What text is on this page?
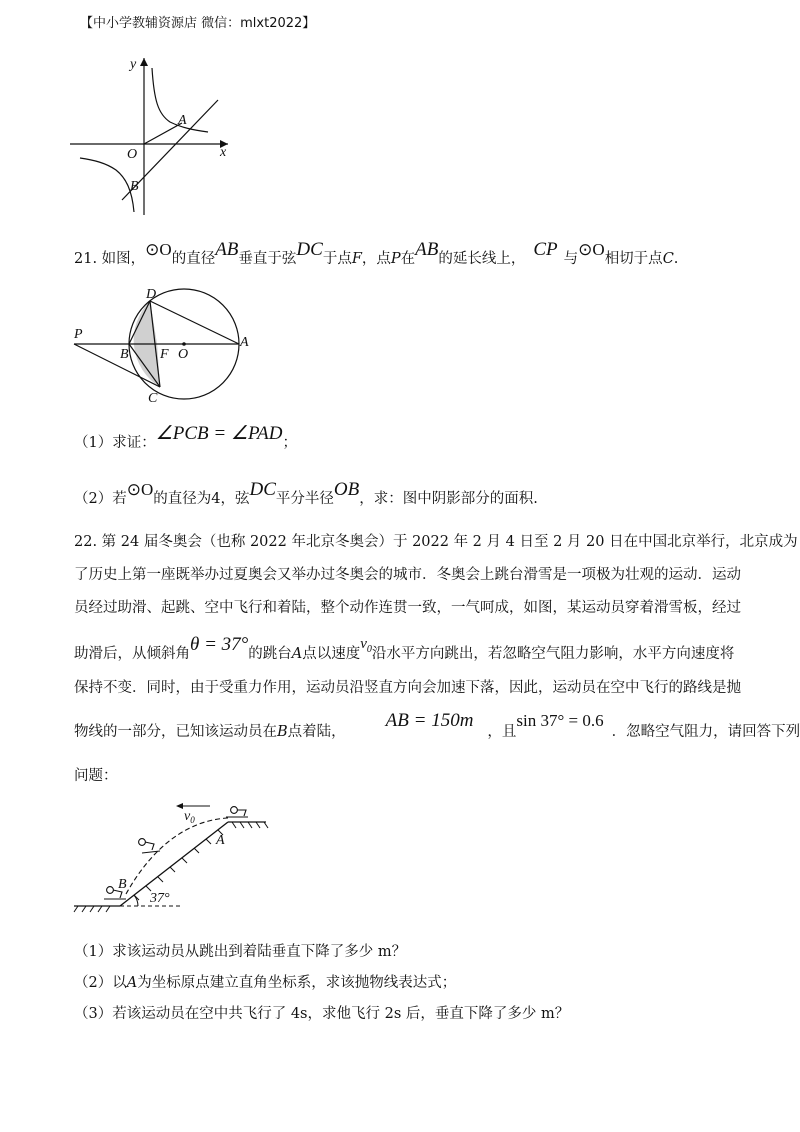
【中小学教辅资源店 微信：mlxt2022】
y
x
O
A
B
21. 如图，⊙O的直径AB垂直于弦DC于点F，点P在AB的延长线上， CP 与⊙O相切于点C.
D
P
B F O
A
C
（1）求证：∠PCB = ∠PAD；
（2）若⊙O的直径为4，弦DC平分半径OB，求：图中阴影部分的面积.
22. 第 24 届冬奥会（也称 2022 年北京冬奥会）于 2022 年 2 月 4 日至 2 月 20 日在中国北京举行，北京成为
了历史上第一座既举办过夏奥会又举办过冬奥会的城市．冬奥会上跳台滑雪是一项极为壮观的运动．运动
员经过助滑、起跳、空中飞行和着陆，整个动作连贯一致，一气呵成，如图，某运动员穿着滑雪板，经过
助滑后，从倾斜角θ = 37°的跳台A点以速度$v_0$沿水平方向跳出，若忽略空气阻力影响，水平方向速度将
保持不变．同时，由于受重力作用，运动员沿竖直方向会加速下落，因此，运动员在空中飞行的路线是抛
物线的一部分，已知该运动员在B点着陆，AB = 150m，且sin 37° = 0.6．忽略空气阻力，请回答下列
问题：
$v_0$
A
B
37°
（1）求该运动员从跳出到着陆垂直下降了多少 m？
（2）以A为坐标原点建立直角坐标系，求该抛物线表达式；
（3）若该运动员在空中共飞行了 4s，求他飞行 2s 后，垂直下降了多少 m？
